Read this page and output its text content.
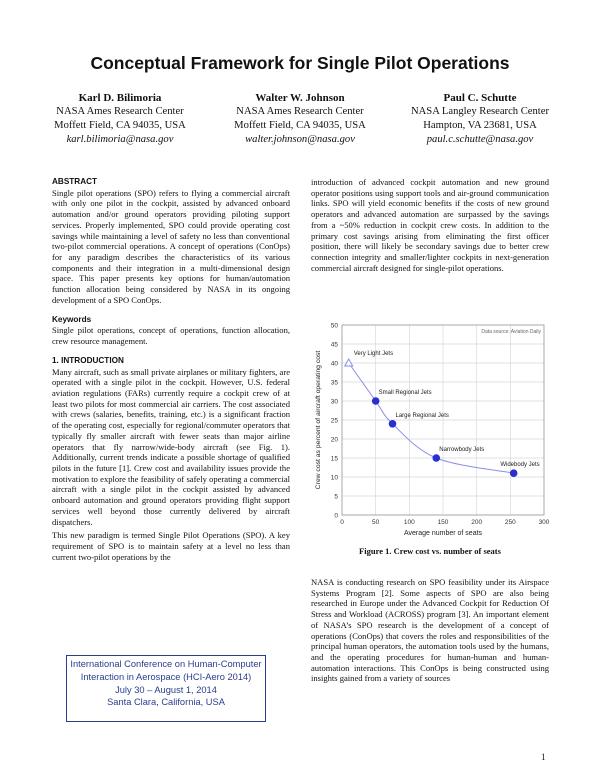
Conceptual Framework for Single Pilot Operations
Karl D. Bilimoria
NASA Ames Research Center
Moffett Field, CA 94035, USA
karl.bilimoria@nasa.gov
Walter W. Johnson
NASA Ames Research Center
Moffett Field, CA 94035, USA
walter.johnson@nasa.gov
Paul C. Schutte
NASA Langley Research Center
Hampton, VA 23681, USA
paul.c.schutte@nasa.gov
ABSTRACT

Single pilot operations (SPO) refers to flying a commercial aircraft with only one pilot in the cockpit, assisted by advanced onboard automation and/or ground operators providing piloting support services. Properly implemented, SPO could provide operating cost savings while maintaining a level of safety no less than conventional two-pilot commercial operations. A concept of operations (ConOps) for any paradigm describes the characteristics of its various components and their integration in a multi-dimensional design space. This paper presents key options for human/automation function allocation being considered by NASA in its ongoing development of a SPO ConOps.

Keywords

Single pilot operations, concept of operations, function allocation, crew resource management.

1. INTRODUCTION

Many aircraft, such as small private airplanes or military fighters, are operated with a single pilot in the cockpit. However, U.S. federal aviation regulations (FARs) currently require a cockpit crew of at least two pilots for most commercial air carriers. The cost associated with crews (salaries, benefits, training, etc.) is a significant fraction of the operating cost, especially for regional/commuter operators that typically fly smaller aircraft with fewer seats than major airline operators that fly narrow/wide-body aircraft (see Fig. 1). Additionally, current trends indicate a possible shortage of qualified pilots in the future [1]. Crew cost and availability issues provide the motivation to explore the feasibility of safely operating a commercial aircraft with a single pilot in the cockpit assisted by advanced onboard automation and ground operators providing flight support services well beyond those currently delivered by aircraft dispatchers.

This new paradigm is termed Single Pilot Operations (SPO). A key requirement of SPO is to maintain safety at a level no less than current two-pilot operations by the

International Conference on Human-Computer
Interaction in Aerospace (HCI-Aero 2014)
July 30 – August 1, 2014
Santa Clara, California, USA

introduction of advanced cockpit automation and new ground operator positions using support tools and air-ground communication links. SPO will yield economic benefits if the costs of new ground operators and advanced automation are surpassed by the savings from a ~50% reduction in cockpit crew costs. In addition to the primary cost savings arising from eliminating the first officer position, there will likely be secondary savings due to better crew connection integrity and smaller/lighter cockpits in next-generation commercial aircraft designed for single-pilot operations.

0
5
10
15
20
25
30
35
40
45
50
0	50	100	150	200	250	300
Average number of seats
Crew cost as percent of aircraft operating cost
Data source: Aviation Daily
Very Light Jets
Small Regional Jets
Large Regional Jets
Narrowbody Jets
Widebody Jets
Figure 1. Crew cost vs. number of seats

NASA is conducting research on SPO feasibility under its Airspace Systems Program [2]. Some aspects of SPO are also being researched in Europe under the Advanced Cockpit for Reduction Of Stress and Workload (ACROSS) program [3]. An important element of NASA’s SPO research is the development of a concept of operations (ConOps) that covers the roles and responsibilities of the principal human operators, the automation tools used by the humans, and the operating procedures for human-human and human-automation interactions. This ConOps is being constructed using insights gained from a variety of sources

1
